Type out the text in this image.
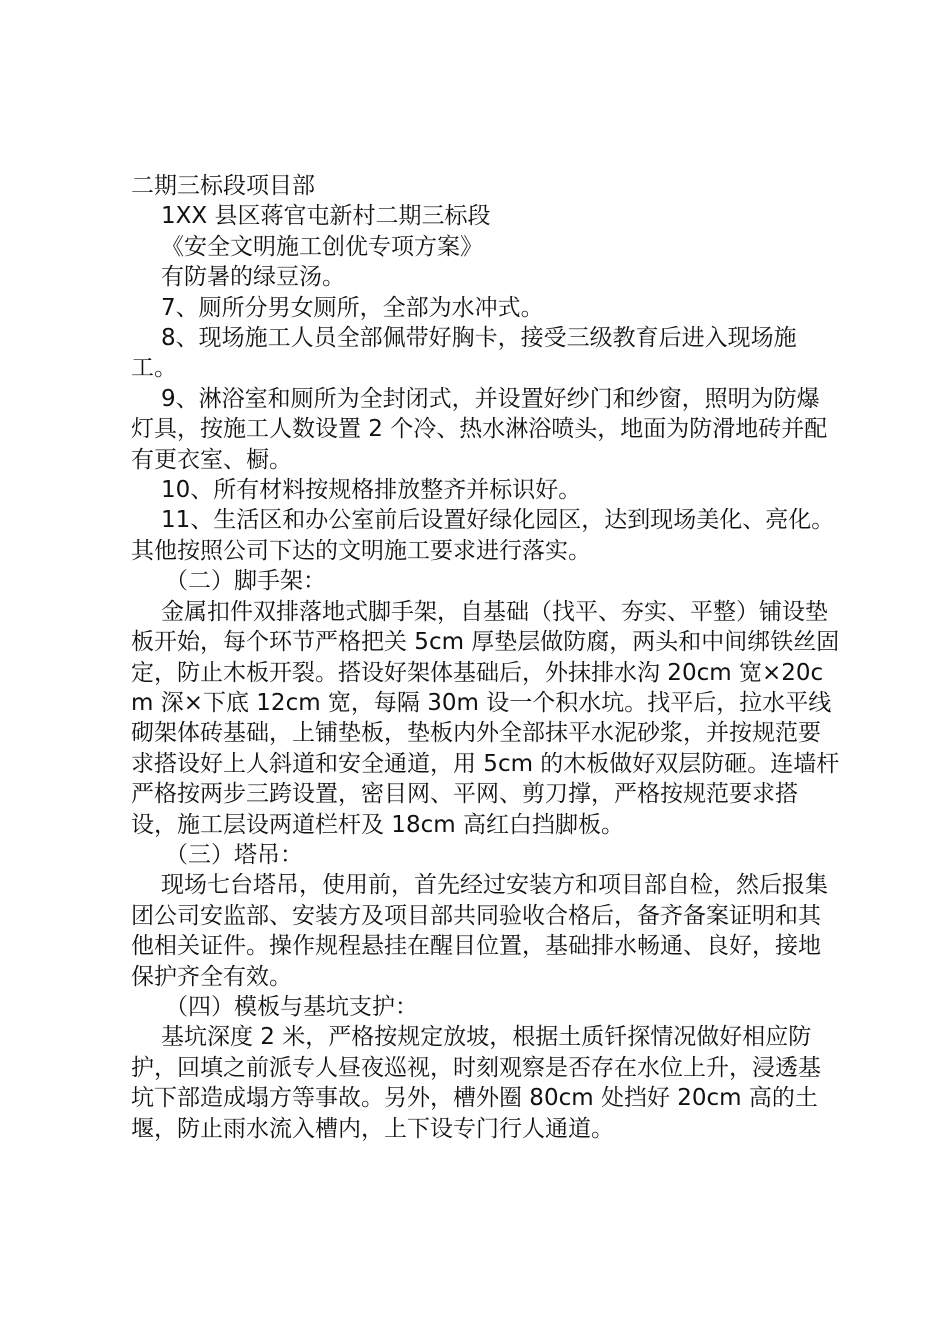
二期三标段项目部

1XX 县区蒋官屯新村二期三标段

《安全文明施工创优专项方案》

有防暑的绿豆汤。

7、厕所分男女厕所，全部为水冲式。

8、现场施工人员全部佩带好胸卡，接受三级教育后进入现场施工。

9、淋浴室和厕所为全封闭式，并设置好纱门和纱窗，照明为防爆灯具，按施工人数设置 2 个冷、热水淋浴喷头，地面为防滑地砖并配有更衣室、橱。

10、所有材料按规格排放整齐并标识好。

11、生活区和办公室前后设置好绿化园区，达到现场美化、亮化。其他按照公司下达的文明施工要求进行落实。

（二）脚手架：

金属扣件双排落地式脚手架，自基础（找平、夯实、平整）铺设垫板开始，每个环节严格把关 5cm 厚垫层做防腐，两头和中间绑铁丝固定，防止木板开裂。搭设好架体基础后，外抹排水沟 20cm 宽×20cm 深×下底 12cm 宽，每隔 30m 设一个积水坑。找平后，拉水平线砌架体砖基础，上铺垫板，垫板内外全部抹平水泥砂浆，并按规范要求搭设好上人斜道和安全通道，用 5cm 的木板做好双层防砸。连墙杆严格按两步三跨设置，密目网、平网、剪刀撑，严格按规范要求搭设，施工层设两道栏杆及 18cm 高红白挡脚板。

（三）塔吊：

现场七台塔吊，使用前，首先经过安装方和项目部自检，然后报集团公司安监部、安装方及项目部共同验收合格后，备齐备案证明和其他相关证件。操作规程悬挂在醒目位置，基础排水畅通、良好，接地保护齐全有效。

（四）模板与基坑支护：

基坑深度 2 米，严格按规定放坡，根据土质钎探情况做好相应防护，回填之前派专人昼夜巡视，时刻观察是否存在水位上升，浸透基坑下部造成塌方等事故。另外，槽外圈 80cm 处挡好 20cm 高的土堰，防止雨水流入槽内，上下设专门行人通道。
